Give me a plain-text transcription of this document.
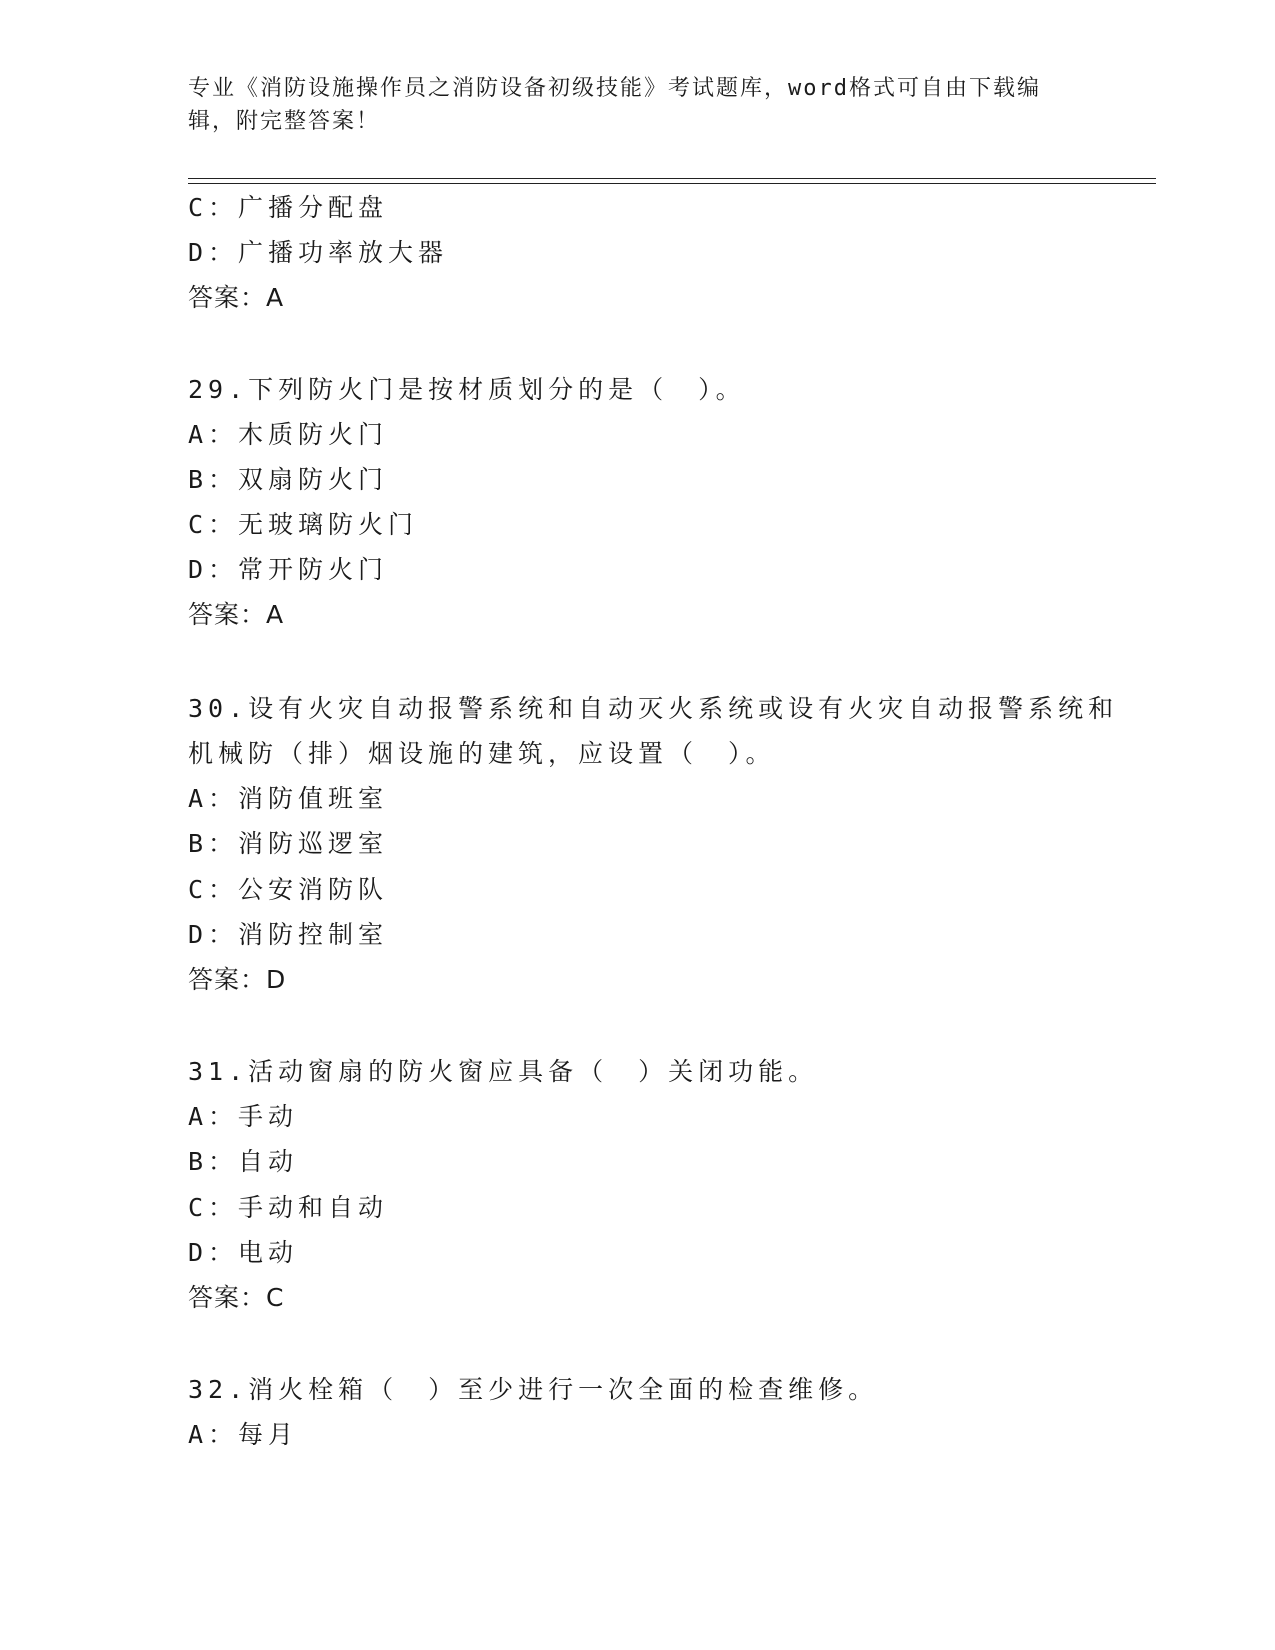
专业《消防设施操作员之消防设备初级技能》考试题库，word格式可自由下载编辑，附完整答案！
C：广播分配盘
D：广播功率放大器
答案：A
29.下列防火门是按材质划分的是（　）。
A：木质防火门
B：双扇防火门
C：无玻璃防火门
D：常开防火门
答案：A
30.设有火灾自动报警系统和自动灭火系统或设有火灾自动报警系统和
机械防（排）烟设施的建筑，应设置（　）。
A：消防值班室
B：消防巡逻室
C：公安消防队
D：消防控制室
答案：D
31.活动窗扇的防火窗应具备（　）关闭功能。
A：手动
B：自动
C：手动和自动
D：电动
答案：C
32.消火栓箱（　）至少进行一次全面的检查维修。
A：每月
